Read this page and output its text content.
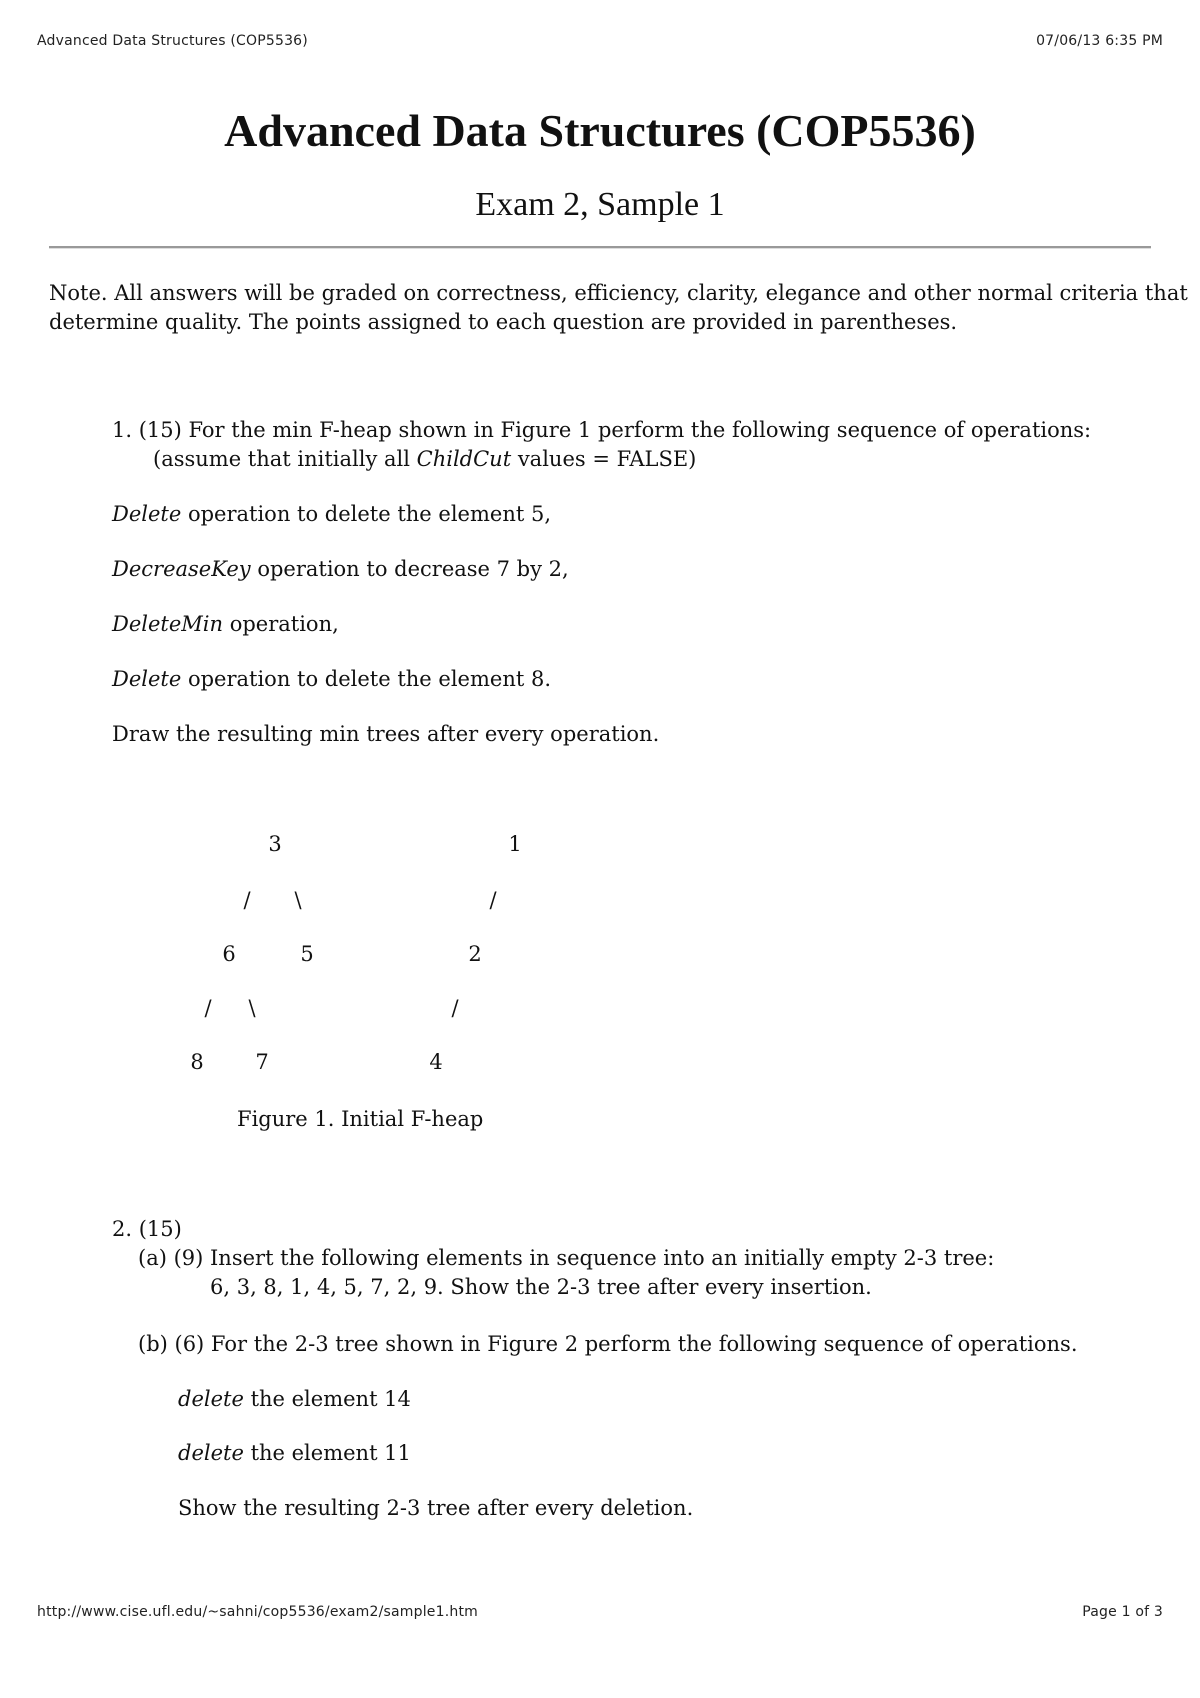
Advanced Data Structures (COP5536)	07/06/13 6:35 PM
Advanced Data Structures (COP5536)
Exam 2, Sample 1
Note. All answers will be graded on correctness, efficiency, clarity, elegance and other normal criteria that
determine quality. The points assigned to each question are provided in parentheses.
1. (15) For the min F-heap shown in Figure 1 perform the following sequence of operations:
(assume that initially all ChildCut values = FALSE)
Delete operation to delete the element 5,
DecreaseKey operation to decrease 7 by 2,
DeleteMin operation,
Delete operation to delete the element 8.
Draw the resulting min trees after every operation.
3	1
/	\	/
6	5	2
/	\	/
8	7	4
Figure 1. Initial F-heap
2. (15)
(a) (9) Insert the following elements in sequence into an initially empty 2-3 tree:
6, 3, 8, 1, 4, 5, 7, 2, 9. Show the 2-3 tree after every insertion.
(b) (6) For the 2-3 tree shown in Figure 2 perform the following sequence of operations.
delete the element 14
delete the element 11
Show the resulting 2-3 tree after every deletion.
http://www.cise.ufl.edu/~sahni/cop5536/exam2/sample1.htm	Page 1 of 3
